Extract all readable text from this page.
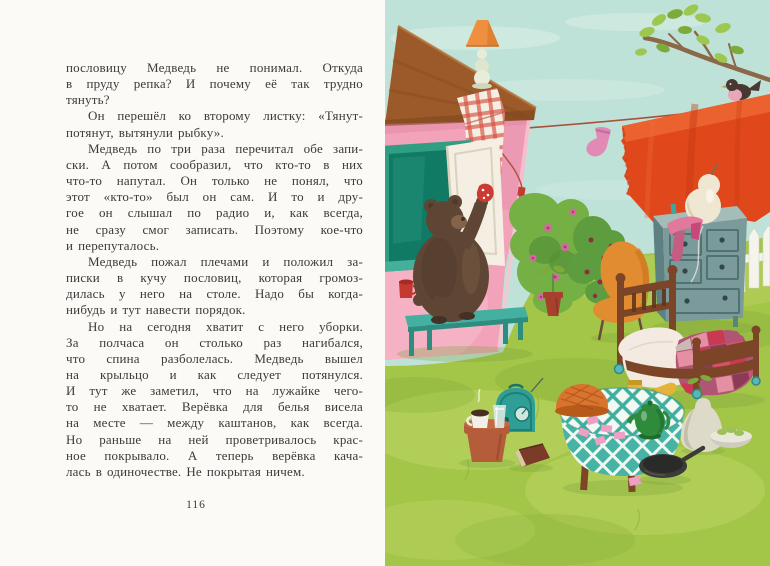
пословицу Медведь не понимал. Откуда
в пруду репка? И почему её так трудно
тянуть?
Он перешёл ко второму листку: «Тянут-
потянут, вытянули рыбку».
Медведь по три раза перечитал обе запи-
ски. А потом сообразил, что кто-то в них
что-то напутал. Он только не понял, что
этот «кто-то» был он сам. И то и дру-
гое он слышал по радио и, как всегда,
не сразу смог записать. Поэтому кое-что
и перепуталось.
Медведь пожал плечами и положил за-
писки в кучу пословиц, которая громоз-
дилась у него на столе. Надо бы когда-
нибудь и тут навести порядок.
Но на сегодня хватит с него уборки.
За полчаса он столько раз нагибался,
что спина разболелась. Медведь вышел
на крыльцо и как следует потянулся.
И тут же заметил, что на лужайке чего-
то не хватает. Верёвка для белья висела
на месте — между каштанов, как всегда.
Но раньше на ней проветривалось крас-
ное покрывало. А теперь верёвка кача-
лась в одиночестве. Не покрытая ничем.
116
